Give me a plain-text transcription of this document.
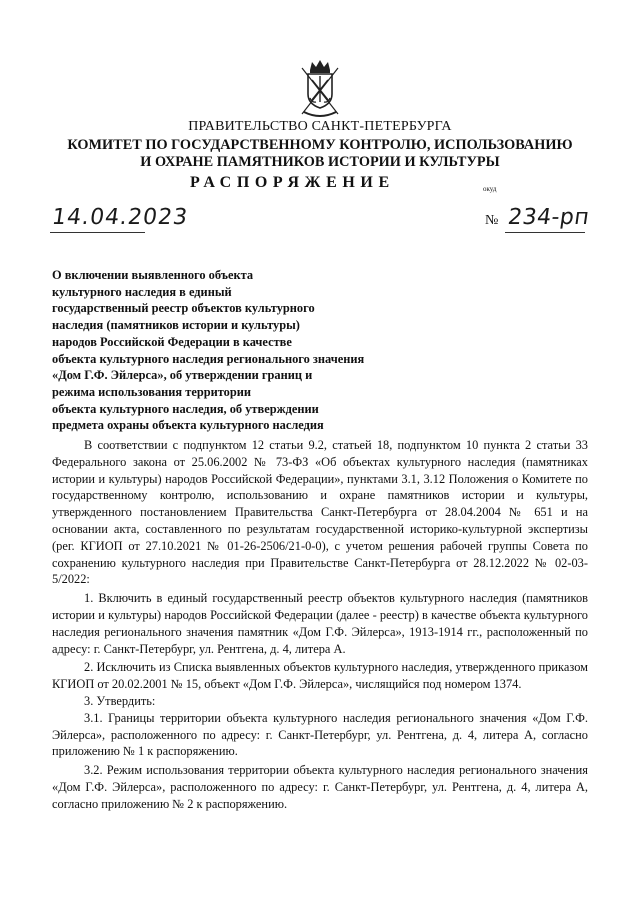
ПРАВИТЕЛЬСТВО САНКТ-ПЕТЕРБУРГА
КОМИТЕТ ПО ГОСУДАРСТВЕННОМУ КОНТРОЛЮ, ИСПОЛЬЗОВАНИЮ
И ОХРАНЕ ПАМЯТНИКОВ ИСТОРИИ И КУЛЬТУРЫ
РАСПОРЯЖЕНИЕ	окуд
14.04.2023	№ 234-рп
О включении выявленного объекта
культурного наследия в единый
государственный реестр объектов культурного
наследия (памятников истории и культуры)
народов Российской Федерации в качестве
объекта культурного наследия регионального значения
«Дом Г.Ф. Эйлерса», об утверждении границ и
режима использования территории
объекта культурного наследия, об утверждении
предмета охраны объекта культурного наследия

В соответствии с подпунктом 12 статьи 9.2, статьей 18, подпунктом 10 пункта 2 статьи 33 Федерального закона от 25.06.2002 № 73-ФЗ «Об объектах культурного наследия (памятниках истории и культуры) народов Российской Федерации», пунктами 3.1, 3.12 Положения о Комитете по государственному контролю, использованию и охране памятников истории и культуры, утвержденного постановлением Правительства Санкт-Петербурга от 28.04.2004 № 651 и на основании акта, составленного по результатам государственной историко-культурной экспертизы (рег. КГИОП от 27.10.2021 № 01-26-2506/21-0-0), с учетом решения рабочей группы Совета по сохранению культурного наследия при Правительстве Санкт-Петербурга от 28.12.2022 № 02-03-5/2022:

1. Включить в единый государственный реестр объектов культурного наследия (памятников истории и культуры) народов Российской Федерации (далее - реестр) в качестве объекта культурного наследия регионального значения памятник «Дом Г.Ф. Эйлерса», 1913-1914 гг., расположенный по адресу: г. Санкт-Петербург, ул. Рентгена, д. 4, литера А.

2. Исключить из Списка выявленных объектов культурного наследия, утвержденного приказом КГИОП от 20.02.2001 № 15, объект «Дом Г.Ф. Эйлерса», числящийся под номером 1374.

3. Утвердить:

3.1. Границы территории объекта культурного наследия регионального значения «Дом Г.Ф. Эйлерса», расположенного по адресу: г. Санкт-Петербург, ул. Рентгена, д. 4, литера А, согласно приложению № 1 к распоряжению.

3.2. Режим использования территории объекта культурного наследия регионального значения «Дом Г.Ф. Эйлерса», расположенного по адресу: г. Санкт-Петербург, ул. Рентгена, д. 4, литера А, согласно приложению № 2 к распоряжению.
